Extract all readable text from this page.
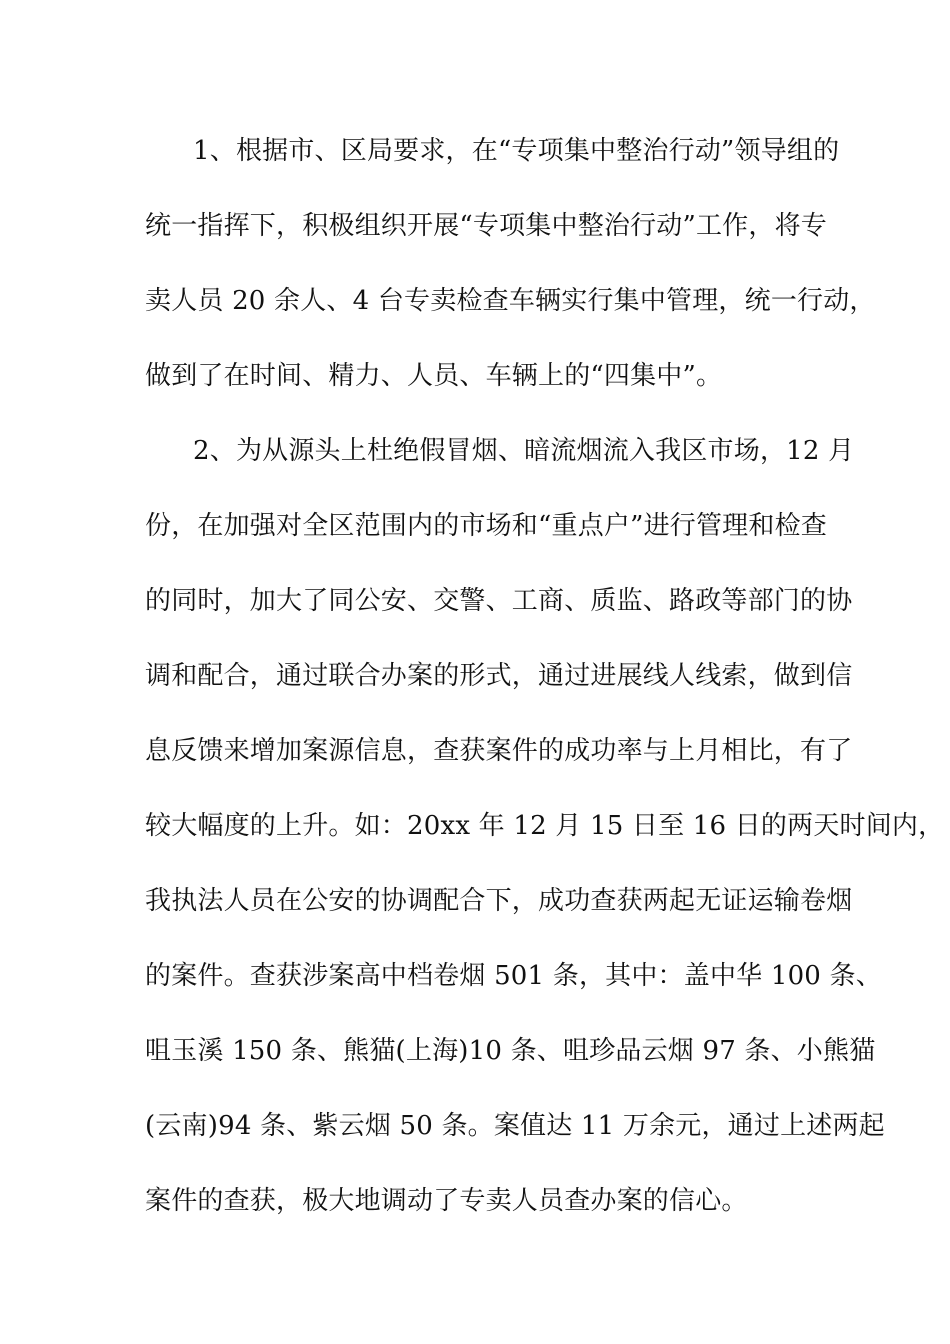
1、根据市、区局要求，在“专项集中整治行动”领导组的
统一指挥下，积极组织开展“专项集中整治行动”工作，将专
卖人员 20 余人、4 台专卖检查车辆实行集中管理，统一行动，
做到了在时间、精力、人员、车辆上的“四集中”。
2、为从源头上杜绝假冒烟、暗流烟流入我区市场，12 月
份，在加强对全区范围内的市场和“重点户”进行管理和检查
的同时，加大了同公安、交警、工商、质监、路政等部门的协
调和配合，通过联合办案的形式，通过进展线人线索，做到信
息反馈来增加案源信息，查获案件的成功率与上月相比，有了
较大幅度的上升。如：20xx 年 12 月 15 日至 16 日的两天时间内，
我执法人员在公安的协调配合下，成功查获两起无证运输卷烟
的案件。查获涉案高中档卷烟 501 条，其中：盖中华 100 条、
咀玉溪 150 条、熊猫(上海)10 条、咀珍品云烟 97 条、小熊猫
(云南)94 条、紫云烟 50 条。案值达 11 万余元，通过上述两起
案件的查获，极大地调动了专卖人员查办案的信心。
